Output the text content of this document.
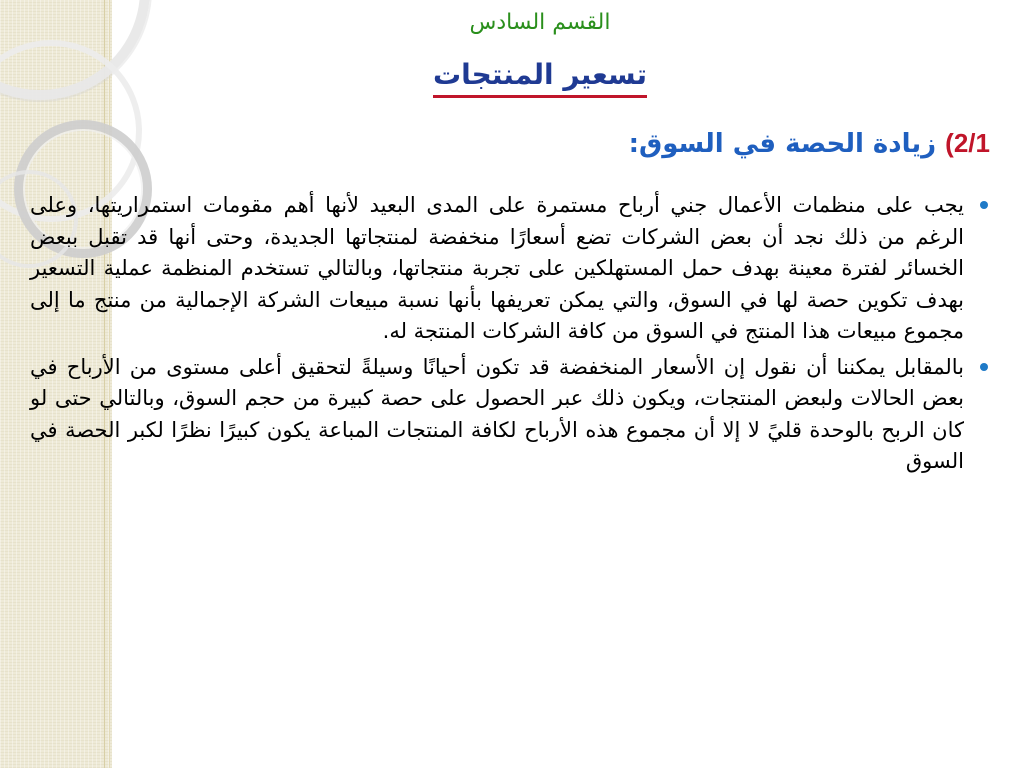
القسم السادس
تسعير المنتجات
2/1) زيادة الحصة في السوق:
يجب على منظمات الأعمال جني أرباح مستمرة على المدى البعيد لأنها أهم مقومات استمراريتها، وعلى الرغم من ذلك نجد أن بعض الشركات تضع أسعارًا منخفضة لمنتجاتها الجديدة، وحتى أنها قد تقبل ببعض الخسائر لفترة معينة بهدف حمل المستهلكين على تجربة منتجاتها، وبالتالي تستخدم المنظمة عملية التسعير بهدف تكوين حصة لها في السوق، والتي يمكن تعريفها بأنها نسبة مبيعات الشركة الإجمالية من منتج ما إلى مجموع مبيعات هذا المنتج في السوق من كافة الشركات المنتجة له.
بالمقابل يمكننا أن نقول إن الأسعار المنخفضة قد تكون أحيانًا وسيلةً لتحقيق أعلى مستوى من الأرباح في بعض الحالات ولبعض المنتجات، ويكون ذلك عبر الحصول على حصة كبيرة من حجم السوق، وبالتالي حتى لو كان الربح بالوحدة قليً لا إلا أن مجموع هذه الأرباح لكافة المنتجات المباعة يكون كبيرًا نظرًا لكبر الحصة في السوق
